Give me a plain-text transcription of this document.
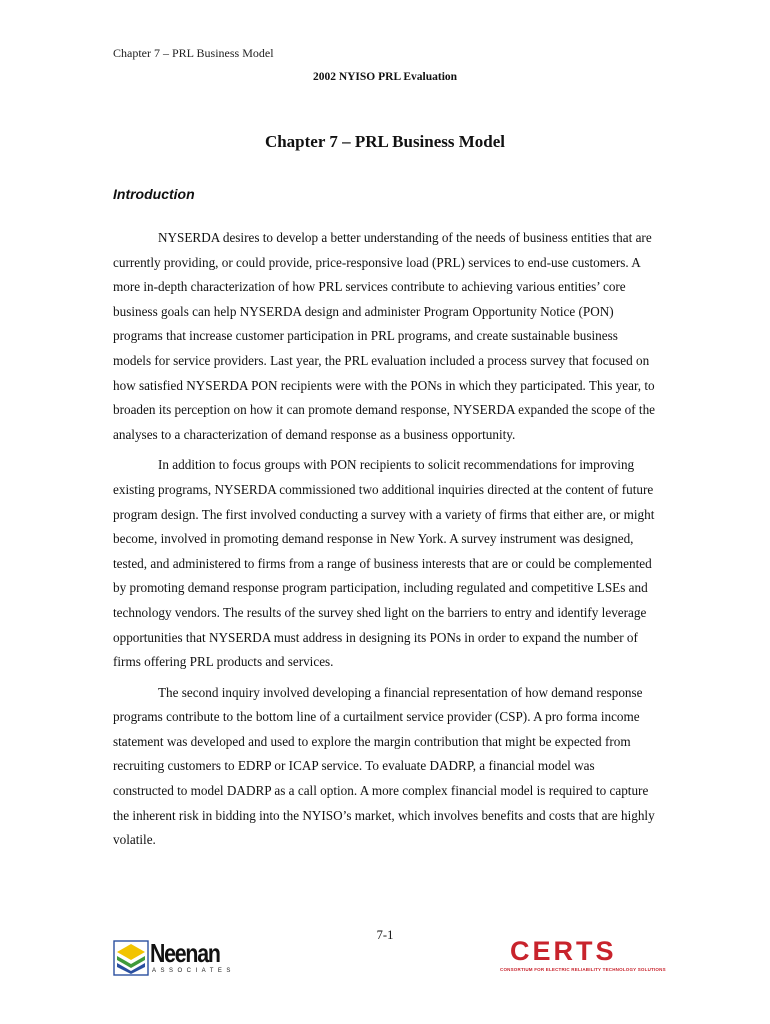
Chapter 7 – PRL Business Model
2002 NYISO PRL Evaluation
Chapter 7 – PRL Business Model
Introduction

NYSERDA desires to develop a better understanding of the needs of business entities that are currently providing, or could provide, price-responsive load (PRL) services to end-use customers. A more in-depth characterization of how PRL services contribute to achieving various entities’ core business goals can help NYSERDA design and administer Program Opportunity Notice (PON) programs that increase customer participation in PRL programs, and create sustainable business models for service providers. Last year, the PRL evaluation included a process survey that focused on how satisfied NYSERDA PON recipients were with the PONs in which they participated. This year, to broaden its perception on how it can promote demand response, NYSERDA expanded the scope of the analyses to a characterization of demand response as a business opportunity.

In addition to focus groups with PON recipients to solicit recommendations for improving existing programs, NYSERDA commissioned two additional inquiries directed at the content of future program design. The first involved conducting a survey with a variety of firms that either are, or might become, involved in promoting demand response in New York. A survey instrument was designed, tested, and administered to firms from a range of business interests that are or could be complemented by promoting demand response program participation, including regulated and competitive LSEs and technology vendors. The results of the survey shed light on the barriers to entry and identify leverage opportunities that NYSERDA must address in designing its PONs in order to expand the number of firms offering PRL products and services.

The second inquiry involved developing a financial representation of how demand response programs contribute to the bottom line of a curtailment service provider (CSP). A pro forma income statement was developed and used to explore the margin contribution that might be expected from recruiting customers to EDRP or ICAP service. To evaluate DADRP, a financial model was constructed to model DADRP as a call option. A more complex financial model is required to capture the inherent risk in bidding into the NYISO’s market, which involves benefits and costs that are highly volatile.

7-1
Neenan
ASSOCIATES
CERTS
CONSORTIUM FOR ELECTRIC RELIABILITY TECHNOLOGY SOLUTIONS
